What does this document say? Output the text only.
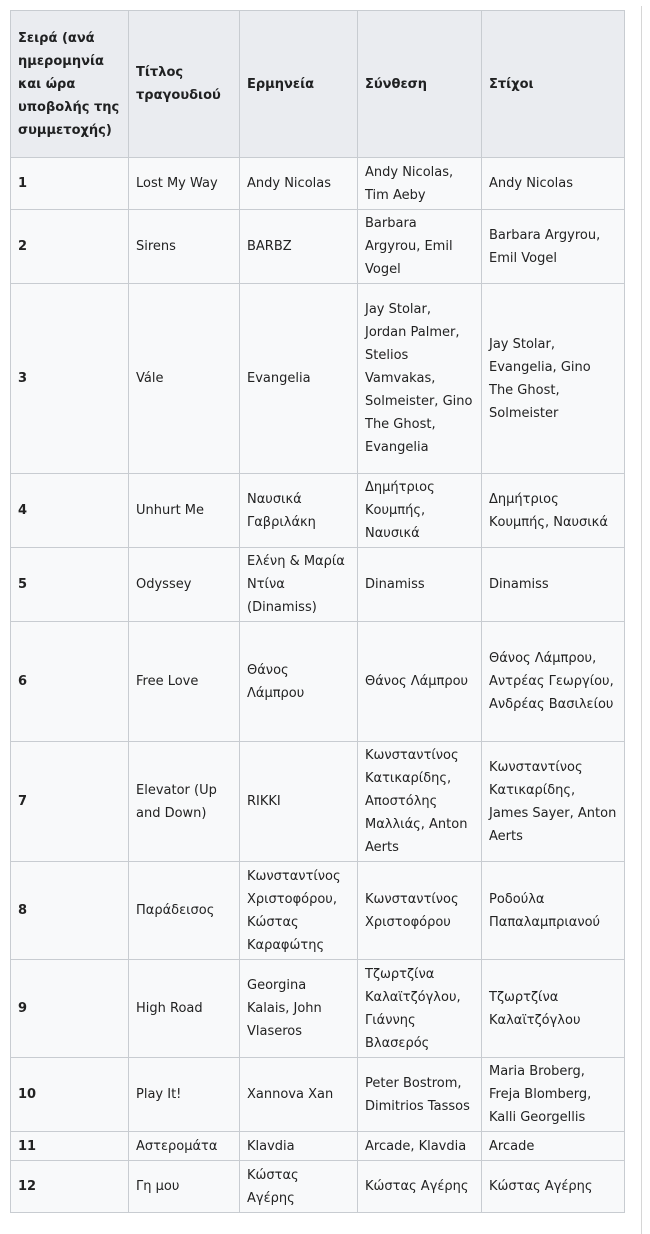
Σειρά (ανά ημερομηνία και ώρα υποβολής της συμμετοχής)	Τίτλος τραγουδιού	Ερμηνεία	Σύνθεση	Στίχοι
1	Lost My Way	Andy Nicolas	Andy Nicolas, Tim Aeby	Andy Nicolas
2	Sirens	BARBZ	Barbara Argyrou, Emil Vogel	Barbara Argyrou, Emil Vogel
3	Vále	Evangelia	Jay Stolar, Jordan Palmer, Stelios Vamvakas, Solmeister, Gino The Ghost, Evangelia	Jay Stolar, Evangelia, Gino The Ghost, Solmeister
4	Unhurt Me	Ναυσικά Γαβριλάκη	Δημήτριος Κουμπής, Ναυσικά	Δημήτριος Κουμπής, Ναυσικά
5	Odyssey	Ελένη & Μαρία Ντίνα (Dinamiss)	Dinamiss	Dinamiss
6	Free Love	Θάνος Λάμπρου	Θάνος Λάμπρου	Θάνος Λάμπρου, Αντρέας Γεωργίου, Ανδρέας Βασιλείου
7	Elevator (Up and Down)	RIKKI	Κωνσταντίνος Κατικαρίδης, Αποστόλης Μαλλιάς, Anton Aerts	Κωνσταντίνος Κατικαρίδης, James Sayer, Anton Aerts
8	Παράδεισος	Κωνσταντίνος Χριστοφόρου, Κώστας Καραφώτης	Κωνσταντίνος Χριστοφόρου	Ροδούλα Παπαλαμπριανού
9	High Road	Georgina Kalais, John Vlaseros	Τζωρτζίνα Καλαϊτζόγλου, Γιάννης Βλασερός	Τζωρτζίνα Καλαϊτζόγλου
10	Play It!	Xannova Xan	Peter Bostrom, Dimitrios Tassos	Maria Broberg, Freja Blomberg, Kalli Georgellis
11	Αστερομάτα	Klavdia	Arcade, Klavdia	Arcade
12	Γη μου	Κώστας Αγέρης	Κώστας Αγέρης	Κώστας Αγέρης
